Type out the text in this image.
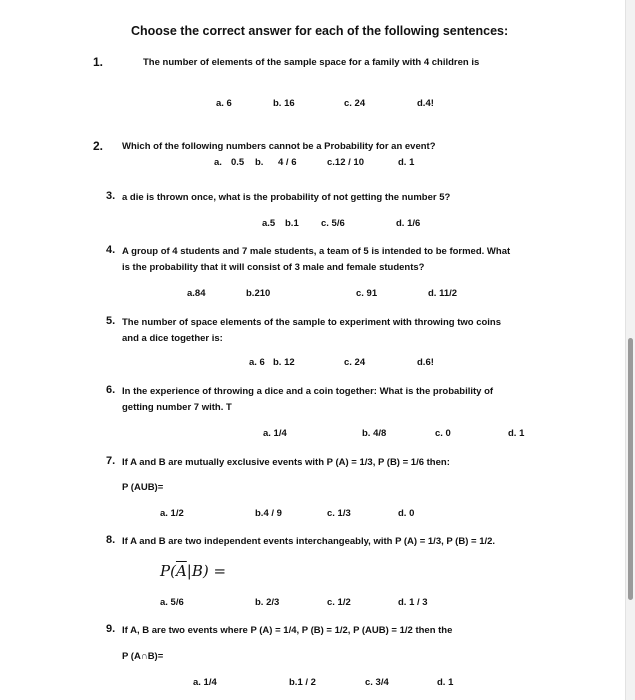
Choose the correct answer for each of the following sentences:
1.	The number of elements of the sample space for a family with 4 children is
a. 6	b. 16	c. 24	d.4!
2. Which of the following numbers cannot be a Probability for an event?
a. 0.5 b. 4 / 6	c.12 / 10	d. 1
3. a die is thrown once, what is the probability of not getting the number 5?
a.5 b.1 c. 5/6	d. 1/6
4. A group of 4 students and 7 male students, a team of 5 is intended to be formed. What
is the probability that it will consist of 3 male and female students?
a.84	b.210	c. 91	d. 11/2
5. The number of space elements of the sample to experiment with throwing two coins
and a dice together is:
a. 6 b. 12	c. 24	d.6!
6. In the experience of throwing a dice and a coin together: What is the probability of
getting number 7 with. T
a. 1/4	b. 4/8	c. 0	d. 1
7. If A and B are mutually exclusive events with P (A) = 1/3, P (B) = 1/6 then:
P (AUB)=
a. 1/2	b.4 / 9	c. 1/3	d. 0
8. If A and B are two independent events interchangeably, with P (A) = 1/3, P (B) = 1/2.
$P(\overline{A}|B)$ =
a. 5/6	b. 2/3	c. 1/2	d. 1 / 3
9. If A, B are two events where P (A) = 1/4, P (B) = 1/2, P (AUB) = 1/2 then the
P (A∩B)=
a. 1/4	b.1 / 2	c. 3/4	d. 1
